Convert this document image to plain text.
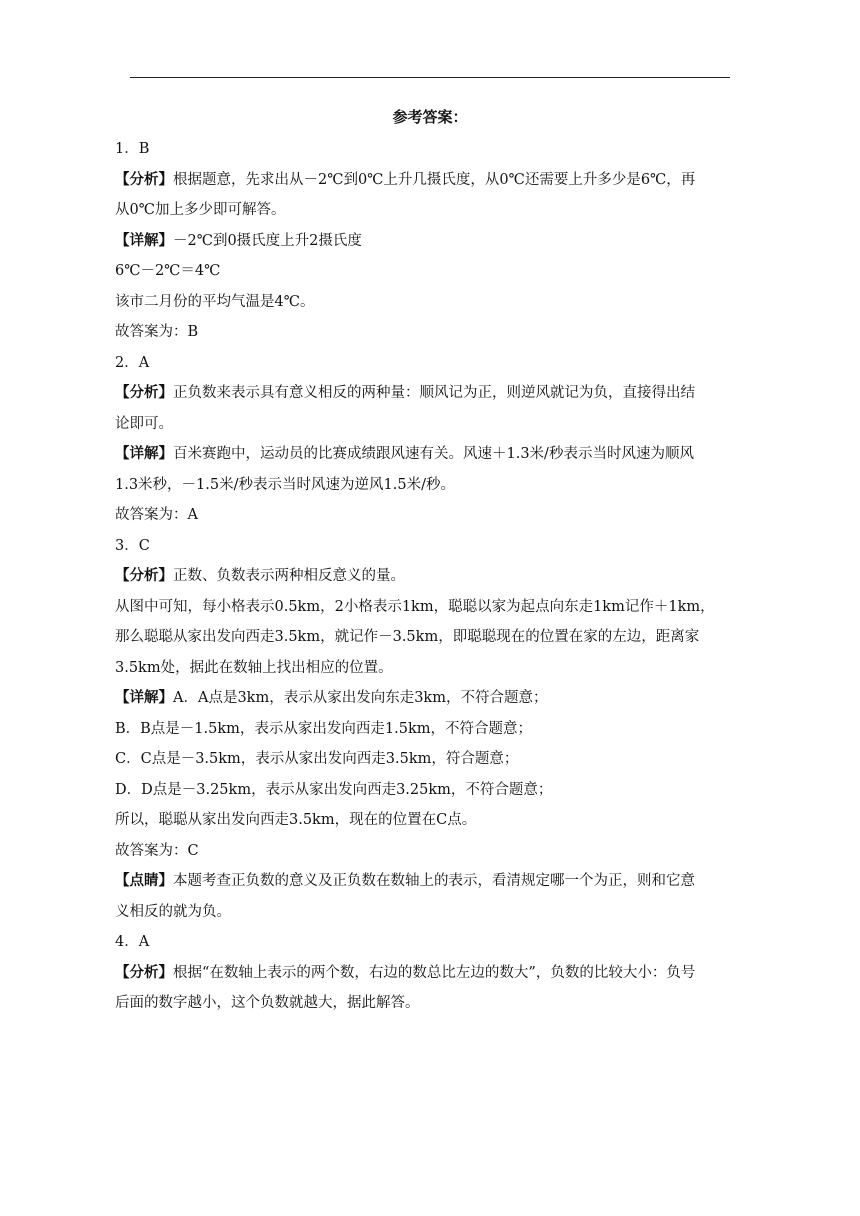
参考答案：
1．B
【分析】根据题意，先求出从－2℃到0℃上升几摄氏度，从0℃还需要上升多少是6℃，再
从0℃加上多少即可解答。
【详解】－2℃到0摄氏度上升2摄氏度
6℃－2℃＝4℃
该市二月份的平均气温是4℃。
故答案为：B
2．A
【分析】正负数来表示具有意义相反的两种量：顺风记为正，则逆风就记为负，直接得出结
论即可。
【详解】百米赛跑中，运动员的比赛成绩跟风速有关。风速＋1.3米/秒表示当时风速为顺风
1.3米秒，－1.5米/秒表示当时风速为逆风1.5米/秒。
故答案为：A
3．C
【分析】正数、负数表示两种相反意义的量。
从图中可知，每小格表示0.5km，2小格表示1km，聪聪以家为起点向东走1km记作＋1km，
那么聪聪从家出发向西走3.5km，就记作－3.5km，即聪聪现在的位置在家的左边，距离家
3.5km处，据此在数轴上找出相应的位置。
【详解】A．A点是3km，表示从家出发向东走3km，不符合题意；
B．B点是－1.5km，表示从家出发向西走1.5km，不符合题意；
C．C点是－3.5km，表示从家出发向西走3.5km，符合题意；
D．D点是－3.25km，表示从家出发向西走3.25km，不符合题意；
所以，聪聪从家出发向西走3.5km，现在的位置在C点。
故答案为：C
【点睛】本题考查正负数的意义及正负数在数轴上的表示，看清规定哪一个为正，则和它意
义相反的就为负。
4．A
【分析】根据“在数轴上表示的两个数，右边的数总比左边的数大”，负数的比较大小：负号
后面的数字越小，这个负数就越大，据此解答。
